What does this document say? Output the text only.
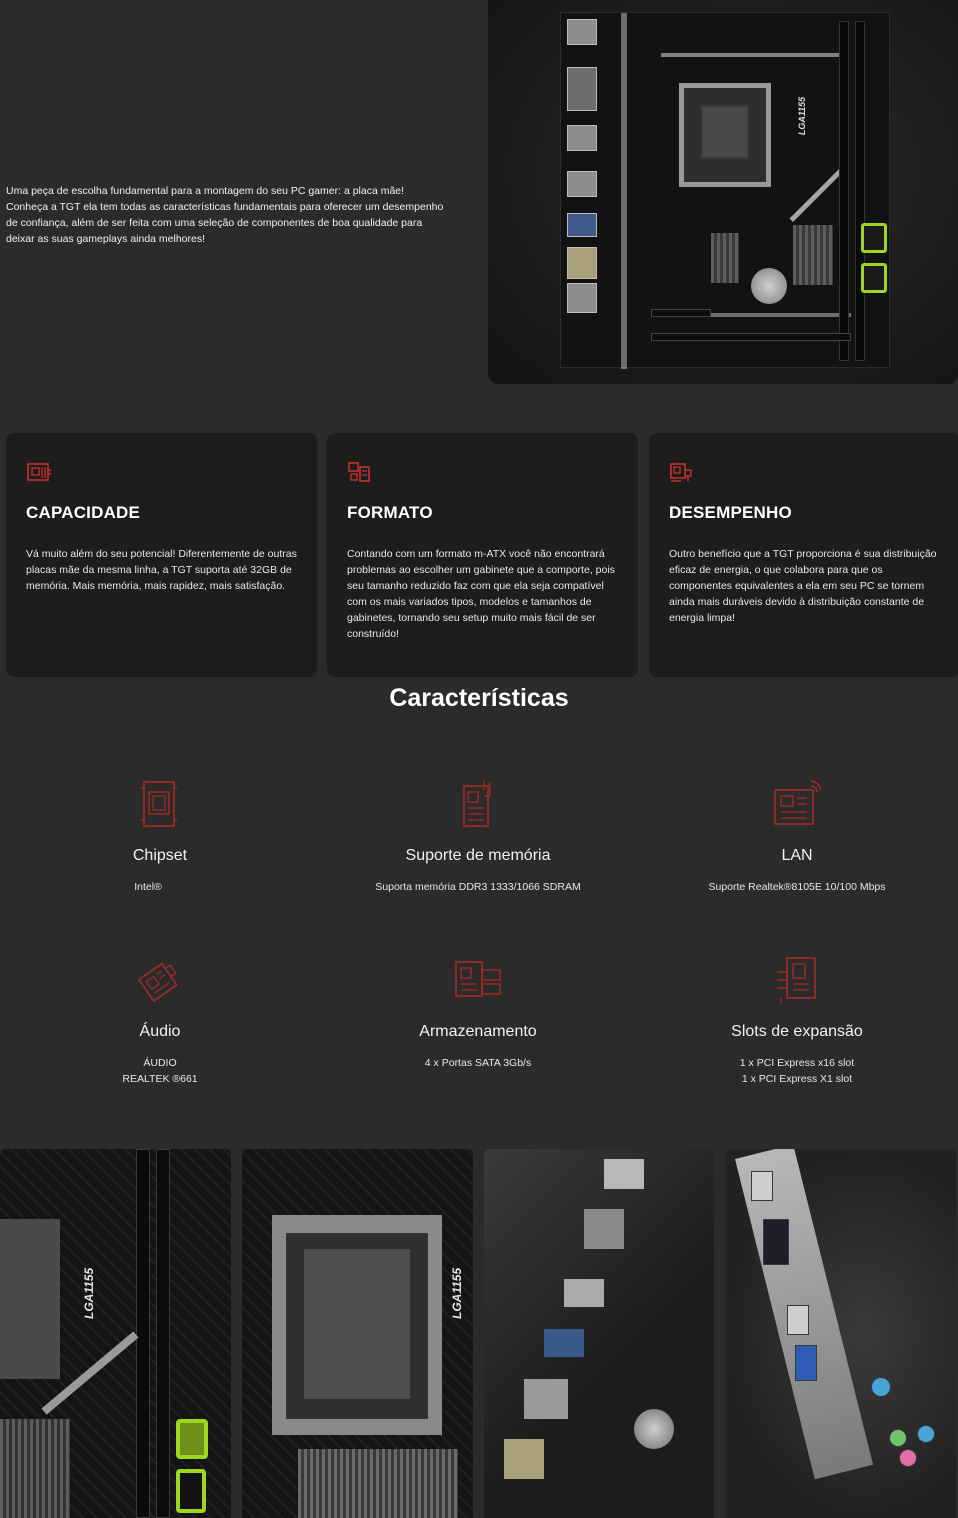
Uma peça de escolha fundamental para a montagem do seu PC gamer: a placa mãe! Conheça a TGT ela tem todas as características fundamentais para oferecer um desempenho de confiança, além de ser feita com uma seleção de componentes de boa qualidade para deixar as suas gameplays ainda melhores!

LGA1155
CAPACIDADE

Vá muito além do seu potencial! Diferentemente de outras placas mãe da mesma linha, a TGT suporta até 32GB de memória. Mais memória, mais rapidez, mais satisfação.

FORMATO

Contando com um formato m-ATX você não encontrará problemas ao escolher um gabinete que a comporte, pois seu tamanho reduzido faz com que ela seja compatível com os mais variados tipos, modelos e tamanhos de gabinetes, tornando seu setup muito mais fácil de ser construído!

DESEMPENHO

Outro benefício que a TGT proporciona é sua distribuição eficaz de energia, o que colabora para que os componentes equivalentes a ela em seu PC se tornem ainda mais duráveis devido à distribuição constante de energia limpa!

Características
Chipset
Intel®
Suporte de memória
Suporta memória DDR3 1333/1066 SDRAM
LAN
Suporte Realtek®8105E 10/100 Mbps
Áudio
ÁUDIO
REALTEK ®661
Armazenamento
4 x Portas SATA 3Gb/s
Slots de expansão
1 x PCI Express x16 slot
1 x PCI Express X1 slot
LGA1155	LGA1155
